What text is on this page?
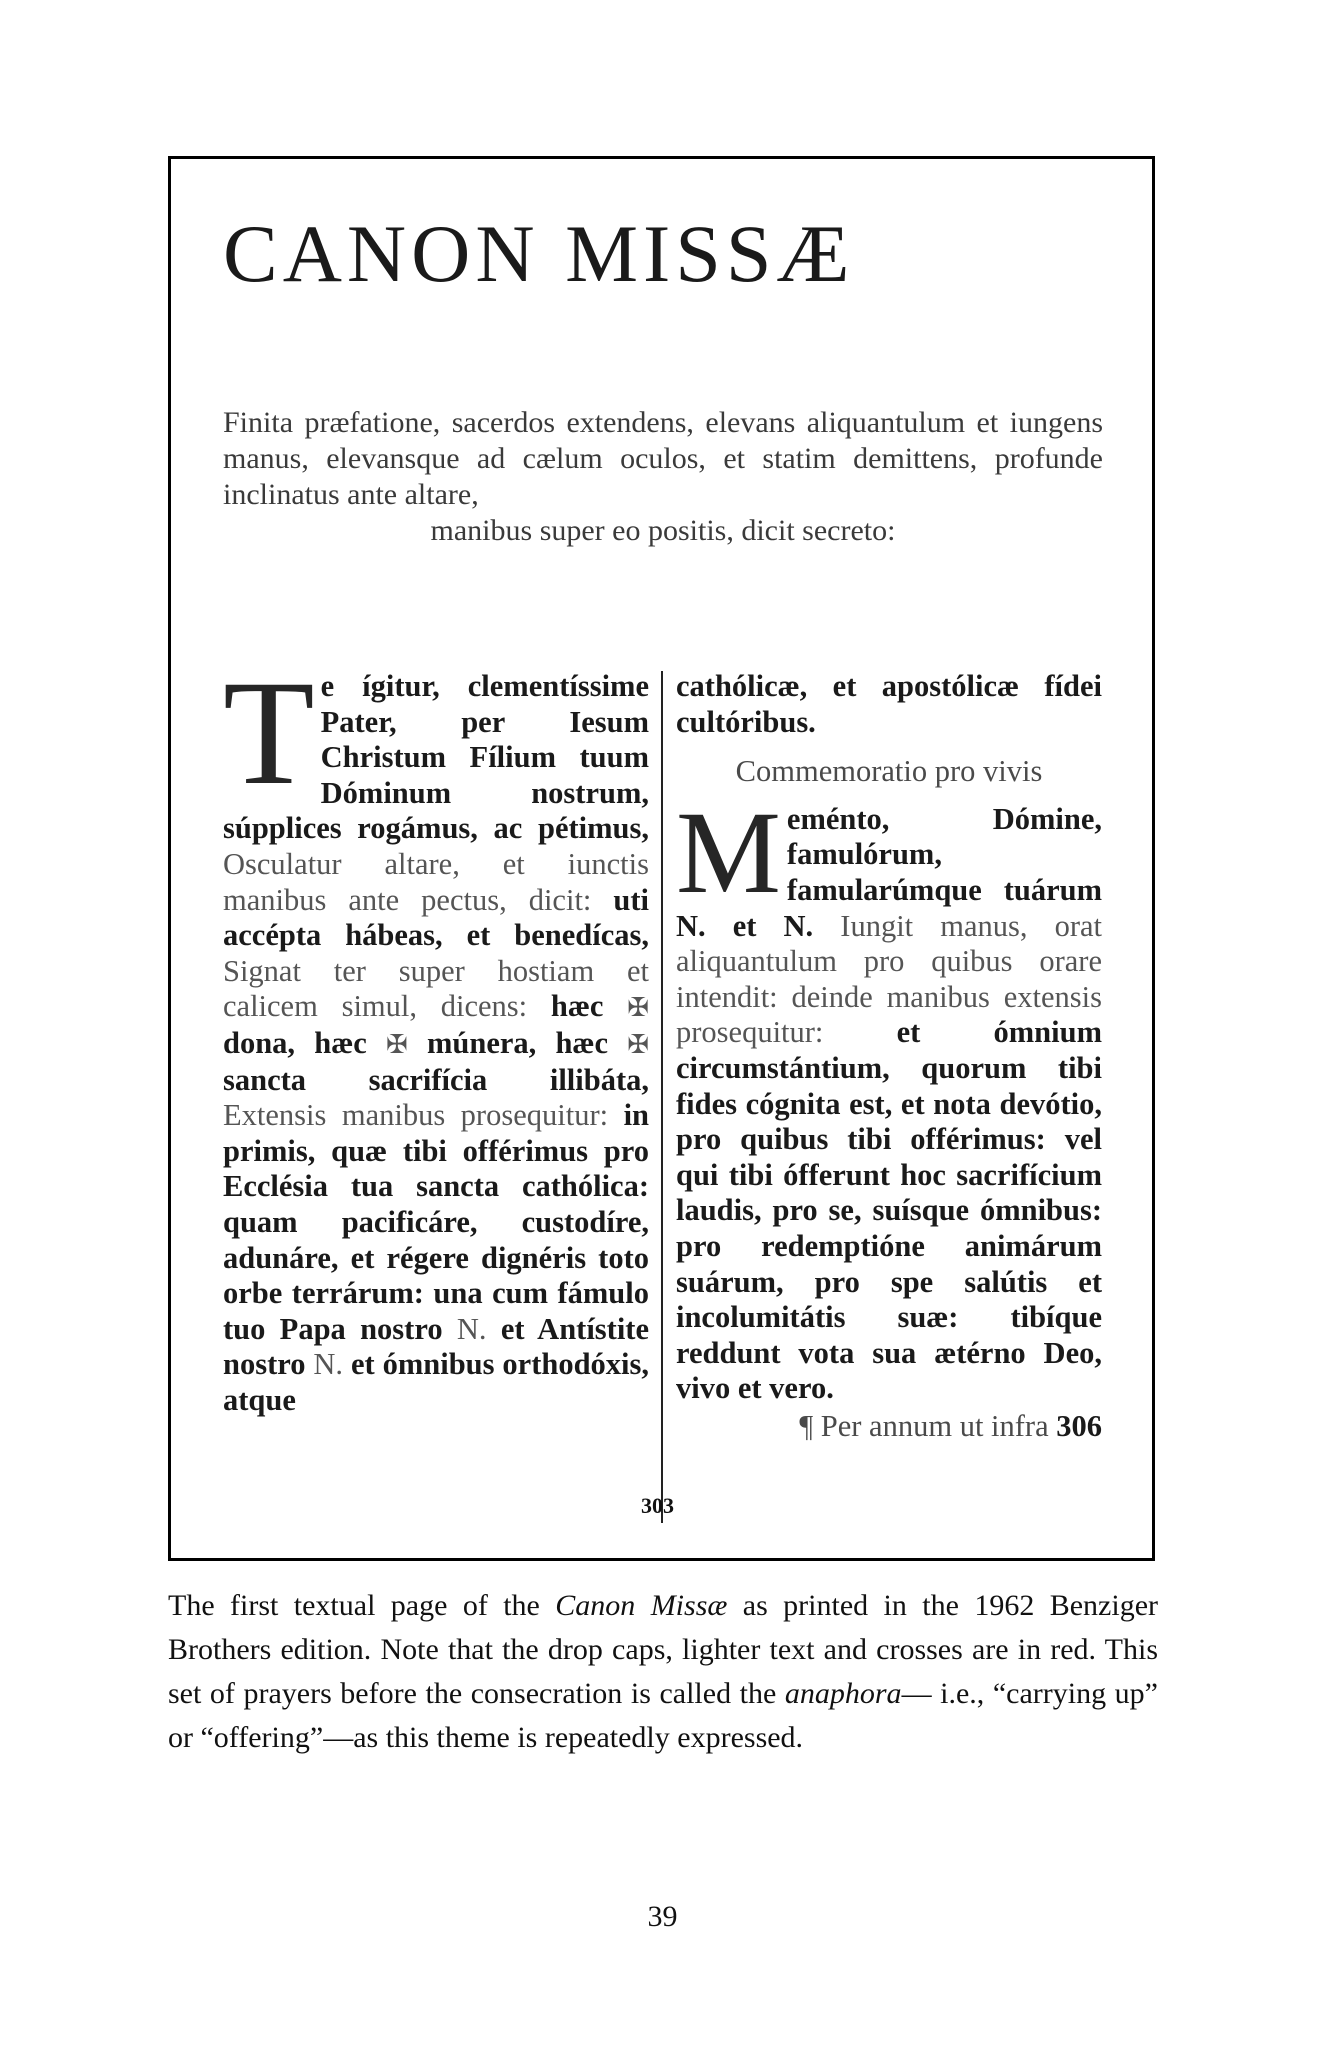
CANON MISSÆ
Finita præfatione, sacerdos extendens, elevans aliquantulum et iungens manus, elevansque ad cælum oculos, et statim demittens, profunde inclinatus ante altare,
manibus super eo positis, dicit secreto:
T e ígitur, clementíssime Pater, per Iesum Christum Fílium tuum Dóminum nostrum, súpplices rogámus, ac pétimus, Osculatur altare, et iunctis manibus ante pectus, dicit: uti accépta hábeas, et benedícas, Signat ter super hostiam et calicem simul, dicens: hæc ✠ dona, hæc ✠ múnera, hæc ✠ sancta sacrifícia illibáta, Extensis manibus prosequitur: in primis, quæ tibi offérimus pro Ecclésia tua sancta cathólica: quam pacificáre, custodíre, adunáre, et régere dignéris toto orbe terrárum: una cum fámulo tuo Papa nostro N. et Antístite nostro N. et ómnibus orthodóxis, atque
cathólicæ, et apostólicæ fídei cultóribus.
Commemoratio pro vivis
M eménto, Dómine, famulórum, famularúmque tuárum N. et N. Iungit manus, orat aliquantulum pro quibus orare intendit: deinde manibus extensis prosequitur: et ómnium circumstántium, quorum tibi fides cógnita est, et nota devótio, pro quibus tibi offérimus: vel qui tibi ófferunt hoc sacrifícium laudis, pro se, suísque ómnibus: pro redemptióne animárum suárum, pro spe salútis et incolumitátis suæ: tibíque reddunt vota sua ætérno Deo, vivo et vero.
¶ Per annum ut infra 306
303
The first textual page of the Canon Missæ as printed in the 1962 Benziger Brothers edition. Note that the drop caps, lighter text and crosses are in red. This set of prayers before the consecration is called the anaphora— i.e., “carrying up” or “offering”—as this theme is repeatedly expressed.
39
